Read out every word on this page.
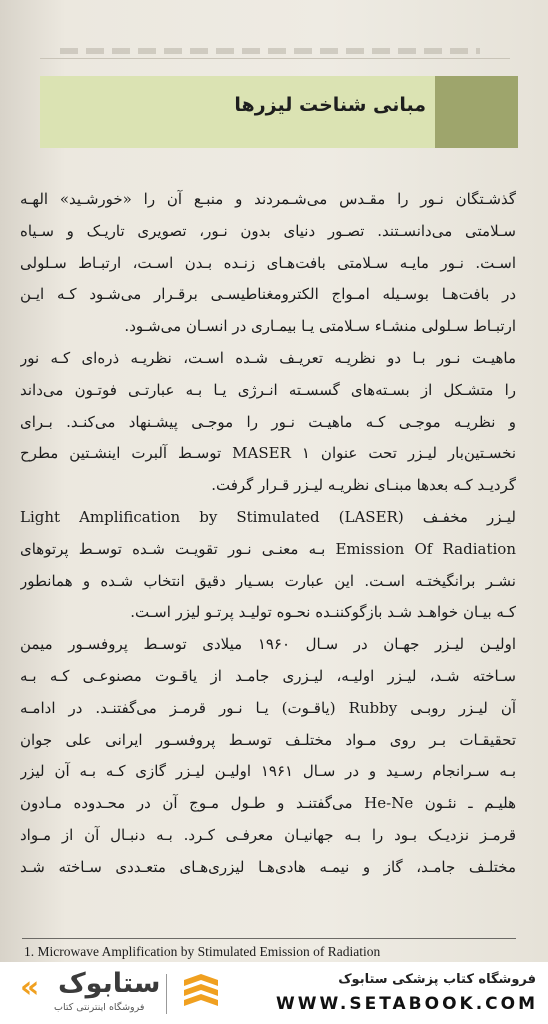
مبانی شناخت لیزرها
گذشـتگان نـور را مقـدس می‌شـمردند و منبـع آن را «خورشـید» الهـه
سـلامتی می‌دانسـتند. تصـور دنیای بدون نـور، تصویری تاریـک و سـیاه
اسـت. نـور مایـه سـلامتی بافت‌هـای زنـده بـدن اسـت، ارتبـاط سـلولی
در بافت‌هـا بوسـیله امـواج الکترومغناطیسـی برقـرار می‌شـود کـه ایـن
ارتبـاط سـلولی منشـاء سـلامتی یـا بیمـاری در انسـان می‌شـود.
ماهیـت نـور بـا دو نظریـه تعریـف شـده اسـت، نظریـه ذره‌ای کـه نور
را متشـکل از بسـته‌های گسسـته انـرژی یـا بـه عبارتـی فوتـون می‌داند
و نظریـه موجـی کـه ماهیـت نـور را موجـی پیشـنهاد می‌کنـد. بـرای
نخسـتین‌بار لیـزر تحت عنوان MASER ۱ توسـط آلبرت اینشـتین مطرح
گردیـد کـه بعدها مبنـای نظریـه لیـزر قـرار گرفت.
لیـزر مخفـف (LASER) Light Amplification by Stimulated
Emission Of Radiation بـه معنـی نـور تقویـت شـده توسـط پرتوهای
نشـر برانگیختـه اسـت. این عبارت بسـیار دقیق انتخاب شـده و همانطور
کـه بیـان خواهـد شـد بازگوکننـده نحـوه تولیـد پرتـو لیزر اسـت.
اولیـن لیـزر جهـان در سـال ۱۹۶۰ میلادی توسـط پروفسـور میمن
سـاخته شـد، لیـزر اولیـه، لیـزری جامـد از یاقـوت مصنوعـی کـه بـه
آن لیـزر روبـی Rubby (یاقـوت) یـا نـور قرمـز می‌گفتنـد. در ادامـه
تحقیقـات بـر روی مـواد مختلـف توسـط پروفسـور ایرانی علی جوان
بـه سـرانجام رسـید و در سـال ۱۹۶۱ اولیـن لیـزر گازی کـه بـه آن لیزر
هلیـم ـ نئـون He-Ne می‌گفتنـد و طـول مـوج آن در محـدوده مـادون
قرمـز نزدیـک بـود را بـه جهانیـان معرفـی کـرد. بـه دنبـال آن از مـواد
مختلـف جامـد، گاز و نیمـه هادی‌هـا لیزری‌هـای متعـددی سـاخته شـد
1. Microwave Amplification by Stimulated Emission of Radiation
« ستابوک
فروشگاه اینترنتی کتاب
فروشگاه کتاب پزشکی ستابوک
WWW.SETABOOK.COM
